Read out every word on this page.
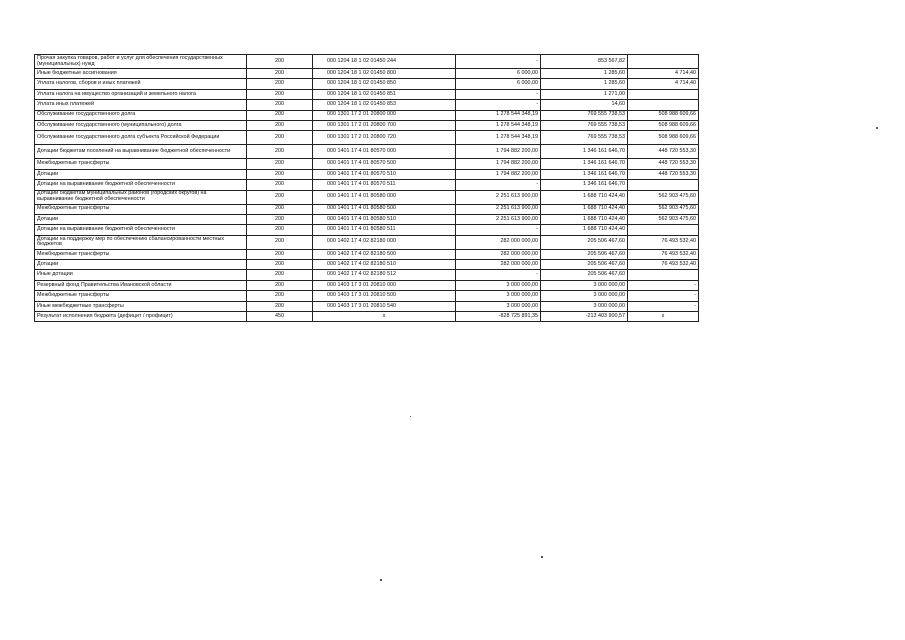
Прочая закупка товаров, работ и услуг для обеспечения государственных (муниципальных) нужд	200	000 1204 18 1 02 01450 244	-	853 567,82	
Иные бюджетные ассигнования	200	000 1204 18 1 02 01450 800	6 000,00	1 285,60	4 714,40
Уплата налогов, сборов и иных платежей	200	000 1204 18 1 02 01450 850	6 000,00	1 285,60	4 714,40
Уплата налога на имущество организаций и земельного налога	200	000 1204 18 1 02 01450 851	-	1 271,00	
Уплата иных платежей	200	000 1204 18 1 02 01450 853	-	14,60	
Обслуживание государственного долга	200	000 1301 17 2 01 20800 000	1 278 544 348,19	769 555 738,53	508 988 609,66
Обслуживание государственного (муниципального) долга	200	000 1301 17 2 01 20800 700	1 278 544 348,19	769 555 738,53	508 988 609,66
Обслуживание государственного долга субъекта Российской Федерации	200	000 1301 17 2 01 20800 720	1 278 544 348,19	769 555 738,53	508 988 609,66
Дотации бюджетам поселений на выравнивание бюджетной обеспеченности	200	000 1401 17 4 01 80570 000	1 794 882 200,00	1 346 161 646,70	448 720 553,30
Межбюджетные трансферты	200	000 1401 17 4 01 80570 500	1 794 882 200,00	1 346 161 646,70	448 720 553,30
Дотации	200	000 1401 17 4 01 80570 510	1 794 882 200,00	1 346 161 646,70	448 720 553,30
Дотации на выравнивание бюджетной обеспеченности	200	000 1401 17 4 01 80570 511	-	1 346 161 646,70	
Дотации бюджетам муниципальных районов (городских округов) на выравнивание бюджетной обеспеченности	200	000 1401 17 4 01 80580 000	2 251 613 900,00	1 688 710 424,40	562 903 475,60
Межбюджетные трансферты	200	000 1401 17 4 01 80580 500	2 251 613 900,00	1 688 710 424,40	562 903 475,60
Дотации	200	000 1401 17 4 01 80580 510	2 251 613 900,00	1 688 710 424,40	562 903 475,60
Дотации на выравнивание бюджетной обеспеченности	200	000 1401 17 4 01 80580 511	-	1 688 710 424,40	
Дотации на поддержку мер по обеспечению сбалансированности местных бюджетов	200	000 1402 17 4 02 82180 000	282 000 000,00	205 506 467,60	76 493 532,40
Межбюджетные трансферты	200	000 1402 17 4 02 82180 500	282 000 000,00	205 506 467,60	76 493 532,40
Дотации	200	000 1402 17 4 02 82180 510	282 000 000,00	205 506 467,60	76 493 532,40
Иные дотации	200	000 1402 17 4 02 82180 512	-	205 506 467,60	
Резервный фонд Правительства Ивановской области	200	000 1403 17 3 01 20810 000	3 000 000,00	3 000 000,00	-
Межбюджетные трансферты	200	000 1403 17 3 01 20810 500	3 000 000,00	3 000 000,00	-
Иные межбюджетные трансферты	200	000 1403 17 3 01 20810 540	3 000 000,00	3 000 000,00	-
Результат исполнения бюджета (дефицит / профицит)	450	x	-828 725 891,35	-213 403 900,57	x
